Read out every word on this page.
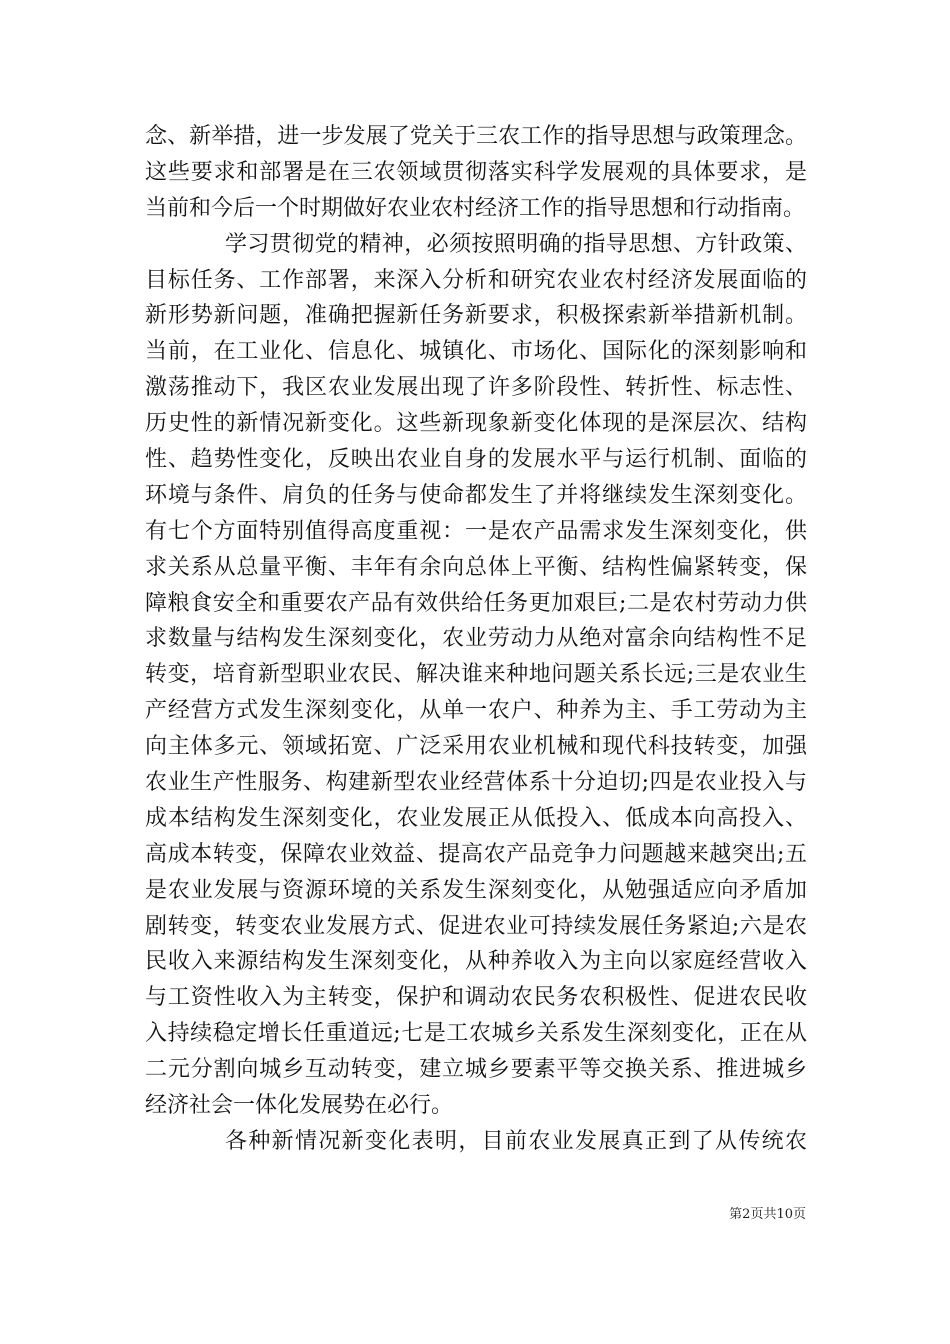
念、新举措，进一步发展了党关于三农工作的指导思想与政策理念。
这些要求和部署是在三农领域贯彻落实科学发展观的具体要求，是
当前和今后一个时期做好农业农村经济工作的指导思想和行动指南。
学习贯彻党的精神，必须按照明确的指导思想、方针政策、
目标任务、工作部署，来深入分析和研究农业农村经济发展面临的
新形势新问题，准确把握新任务新要求，积极探索新举措新机制。
当前，在工业化、信息化、城镇化、市场化、国际化的深刻影响和
激荡推动下，我区农业发展出现了许多阶段性、转折性、标志性、
历史性的新情况新变化。这些新现象新变化体现的是深层次、结构
性、趋势性变化，反映出农业自身的发展水平与运行机制、面临的
环境与条件、肩负的任务与使命都发生了并将继续发生深刻变化。
有七个方面特别值得高度重视：一是农产品需求发生深刻变化，供
求关系从总量平衡、丰年有余向总体上平衡、结构性偏紧转变，保
障粮食安全和重要农产品有效供给任务更加艰巨;二是农村劳动力供
求数量与结构发生深刻变化，农业劳动力从绝对富余向结构性不足
转变，培育新型职业农民、解决谁来种地问题关系长远;三是农业生
产经营方式发生深刻变化，从单一农户、种养为主、手工劳动为主
向主体多元、领域拓宽、广泛采用农业机械和现代科技转变，加强
农业生产性服务、构建新型农业经营体系十分迫切;四是农业投入与
成本结构发生深刻变化，农业发展正从低投入、低成本向高投入、
高成本转变，保障农业效益、提高农产品竞争力问题越来越突出;五
是农业发展与资源环境的关系发生深刻变化，从勉强适应向矛盾加
剧转变，转变农业发展方式、促进农业可持续发展任务紧迫;六是农
民收入来源结构发生深刻变化，从种养收入为主向以家庭经营收入
与工资性收入为主转变，保护和调动农民务农积极性、促进农民收
入持续稳定增长任重道远;七是工农城乡关系发生深刻变化，正在从
二元分割向城乡互动转变，建立城乡要素平等交换关系、推进城乡
经济社会一体化发展势在必行。
各种新情况新变化表明，目前农业发展真正到了从传统农
第2页共10页
